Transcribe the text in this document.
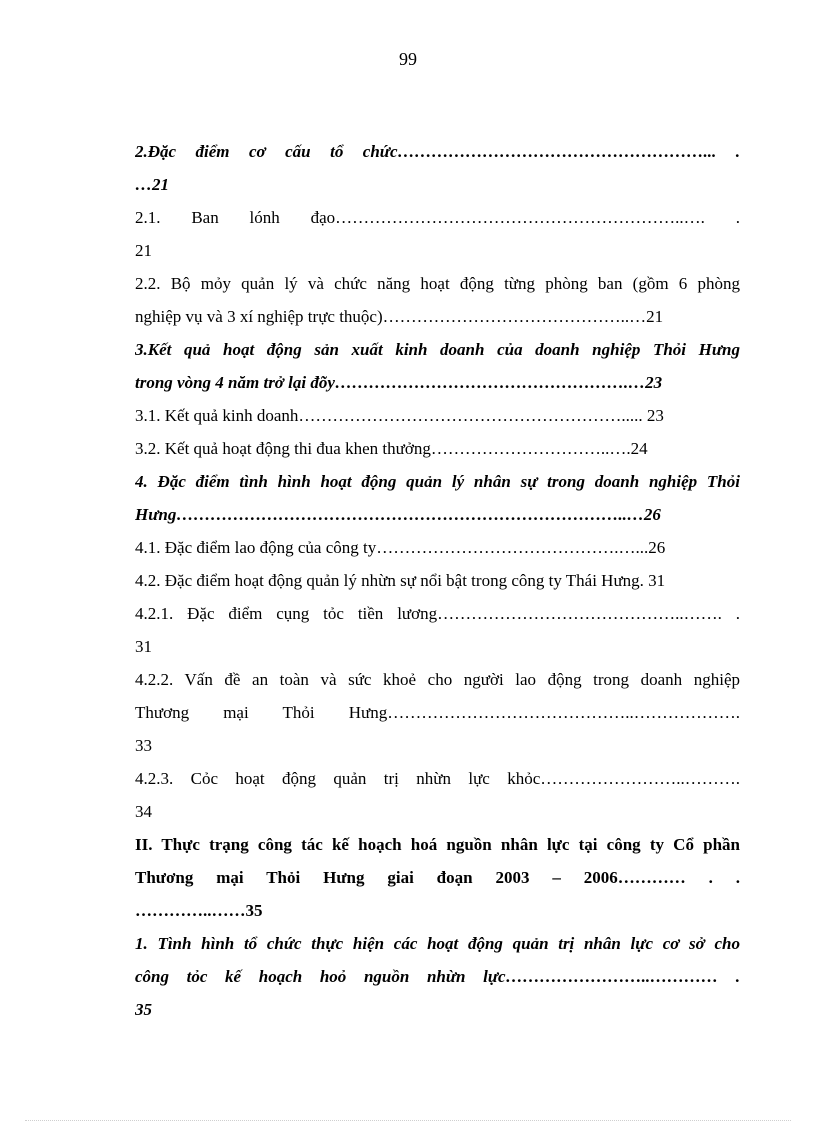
99
2.Đặc điểm cơ cấu tổ chức………………………………………………... .
…21
2.1. Ban lónh đạo……………………………………………………..…. .
21
2.2. Bộ mỏy quản lý và chức năng hoạt động từng phòng ban (gồm 6 phòng
nghiệp vụ và 3 xí nghiệp trực thuộc)……………………………………..…21
3.Kết quả hoạt động sản xuất kinh doanh của doanh nghiệp Thỏi Hưng
trong vòng 4 năm trở lại đõy…………………………………………….…23
3.1. Kết quả kinh doanh…………………………………………………..... 23
3.2. Kết quả hoạt động thi đua khen thưởng…………………………..….24
4. Đặc điểm tình hình hoạt động quản lý nhân sự trong doanh nghiệp Thỏi
Hưng……………………………………………………………………..…26
4.1. Đặc điểm lao động của công ty…………………………………….…...26
4.2. Đặc điểm hoạt động quản lý nhừn sự nổi bật trong công ty Thái Hưng. 31
4.2.1. Đặc điểm cụng tỏc tiền lương……………………………………..……. .
31
4.2.2. Vấn đề an toàn và sức khoẻ cho người lao động trong doanh nghiệp
Thương mại Thỏi Hưng……………………………………..……………….
33
4.2.3. Cỏc hoạt động quản trị nhừn lực khỏc……………………..……….
34
II. Thực trạng công tác kế hoạch hoá nguồn nhân lực tại công ty Cổ phần
Thương mại Thỏi Hưng giai đoạn 2003 – 2006………… . .
…………..……35
1. Tình hình tổ chức thực hiện các hoạt động quản trị nhân lực cơ sở cho
công tỏc kế hoạch hoỏ nguồn nhừn lực……………………..………… .
35
